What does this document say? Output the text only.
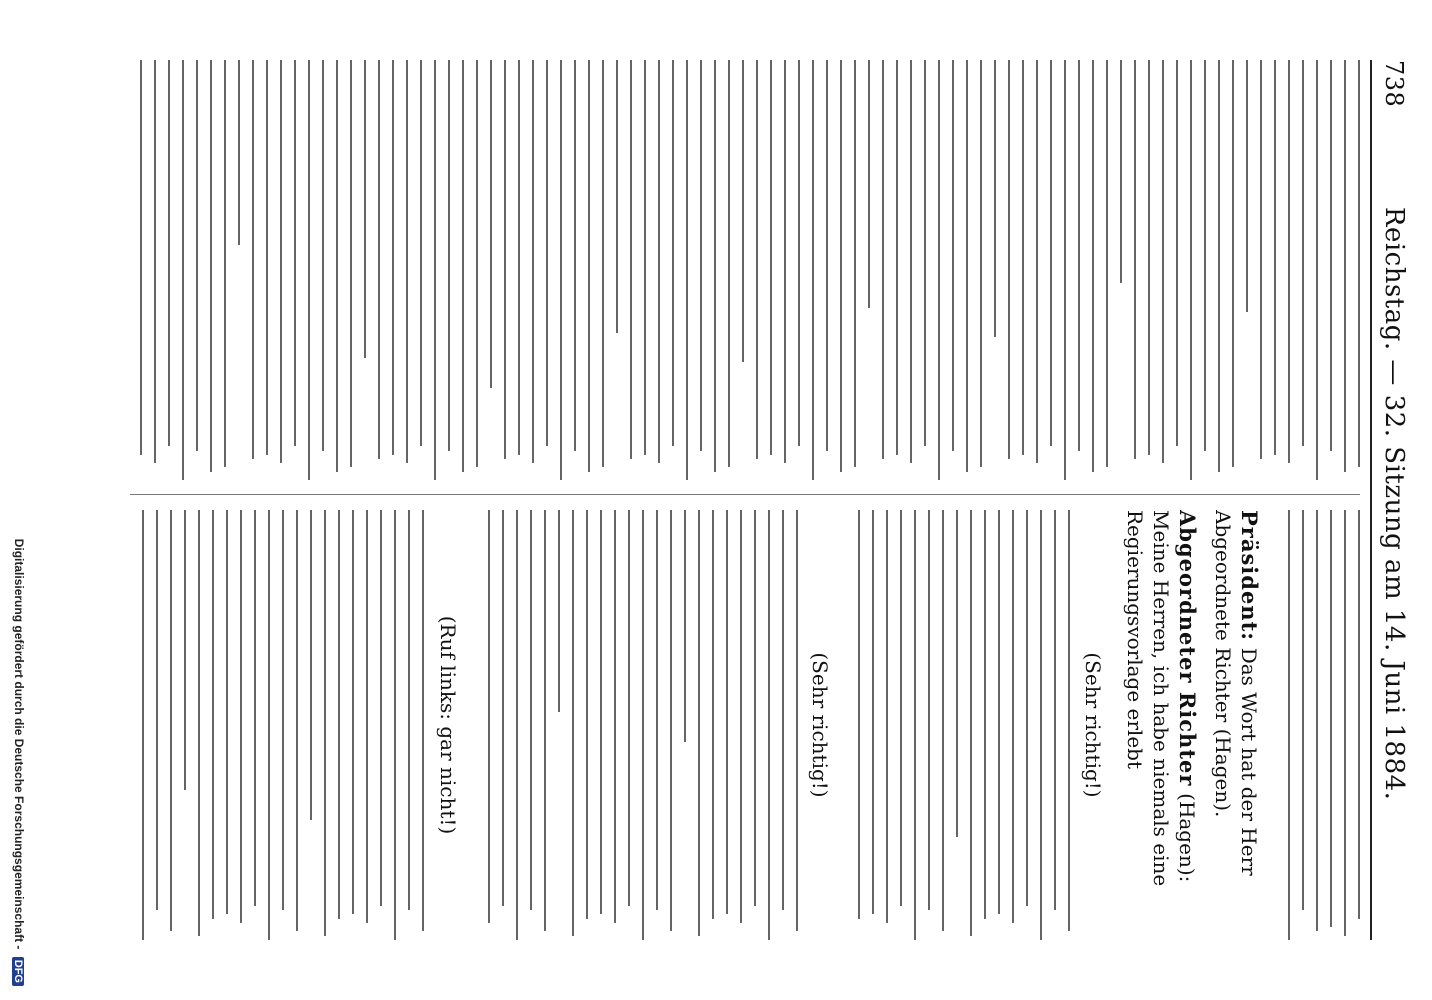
738
Reichstag. — 32. Sitzung am 14. Juni 1884.
Präsident: Das Wort hat der Herr Abgeordnete Richter (Hagen).
Abgeordneter Richter (Hagen): Meine Herren, ich habe niemals eine Regierungsvorlage erlebt
(Sehr richtig!)
(Sehr richtig!)
(Ruf links: gar nicht!)
Digitalisierung gefördert durch die Deutsche Forschungsgemeinschaft - DFG
